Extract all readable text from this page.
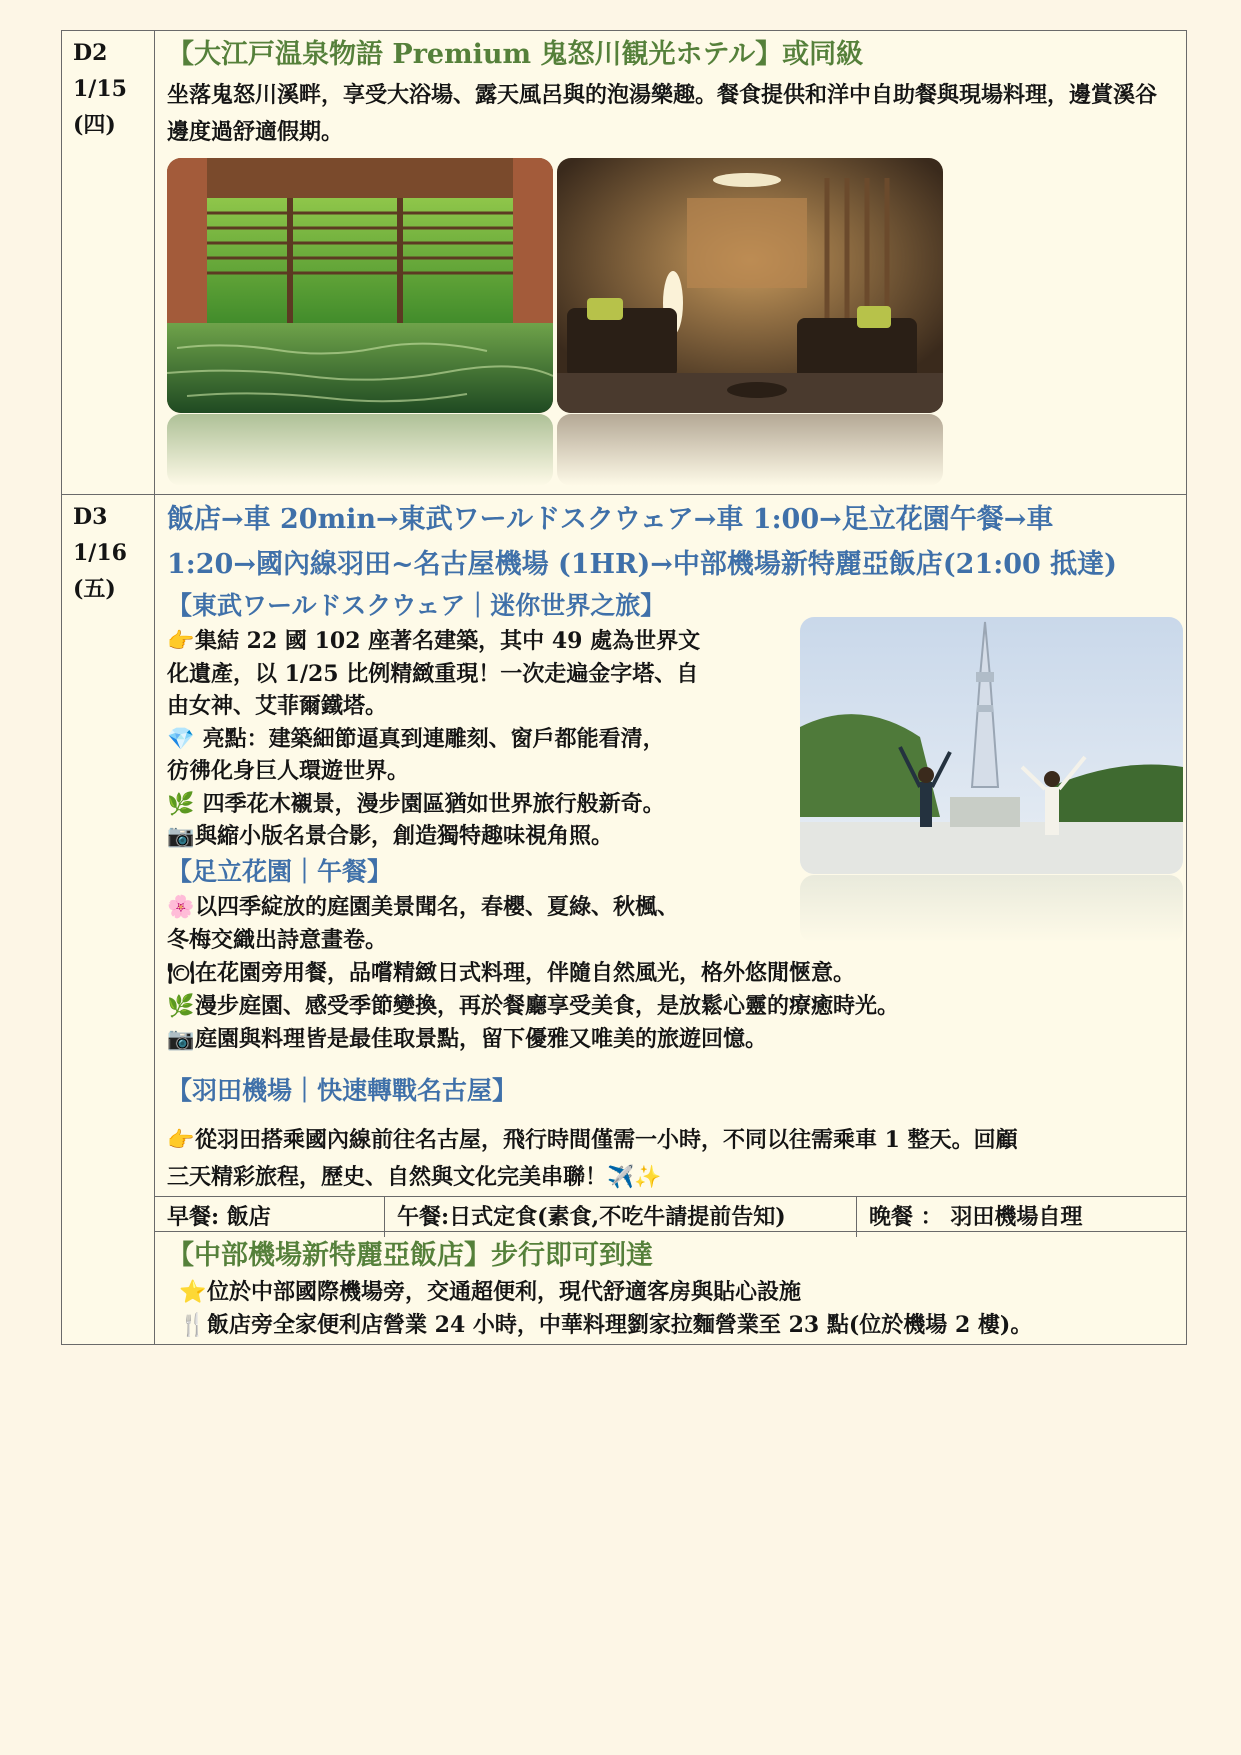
D2
1/15
(四)

【大江戸温泉物語 Premium 鬼怒川観光ホテル】或同級

坐落鬼怒川溪畔，享受大浴場、露天風呂與的泡湯樂趣。餐食提供和洋中自助餐與現場料理，邊賞溪谷邊度過舒適假期。

D3
1/16
(五)

飯店→車 20min→東武ワールドスクウェア→車 1:00→足立花園午餐→車

1:20→國內線羽田~名古屋機場 (1HR)→中部機場新特麗亞飯店(21:00 抵達)

【東武ワールドスクウェア｜迷你世界之旅】

👉集結 22 國 102 座著名建築，其中 49 處為世界文

化遺產，以 1/25 比例精緻重現！一次走遍金字塔、自

由女神、艾菲爾鐵塔。

💎 亮點：建築細節逼真到連雕刻、窗戶都能看清，

彷彿化身巨人環遊世界。

🌿 四季花木襯景，漫步園區猶如世界旅行般新奇。

📷與縮小版名景合影，創造獨特趣味視角照。

【足立花園｜午餐】

🌸以四季綻放的庭園美景聞名，春櫻、夏綠、秋楓、

冬梅交織出詩意畫卷。

🍽在花園旁用餐，品嚐精緻日式料理，伴隨自然風光，格外悠閒愜意。

🌿漫步庭園、感受季節變換，再於餐廳享受美食，是放鬆心靈的療癒時光。

📷庭園與料理皆是最佳取景點，留下優雅又唯美的旅遊回憶。

【羽田機場｜快速轉戰名古屋】

👉從羽田搭乘國內線前往名古屋，飛行時間僅需一小時，不同以往需乘車 1 整天。回顧

三天精彩旅程，歷史、自然與文化完美串聯！✈️✨

早餐: 飯店	午餐:日式定食(素食,不吃牛請提前告知)	晚餐 ： 羽田機場自理

【中部機場新特麗亞飯店】步行即可到達

⭐位於中部國際機場旁，交通超便利，現代舒適客房與貼心設施

🍴飯店旁全家便利店營業 24 小時，中華料理劉家拉麵營業至 23 點(位於機場 2 樓)。
